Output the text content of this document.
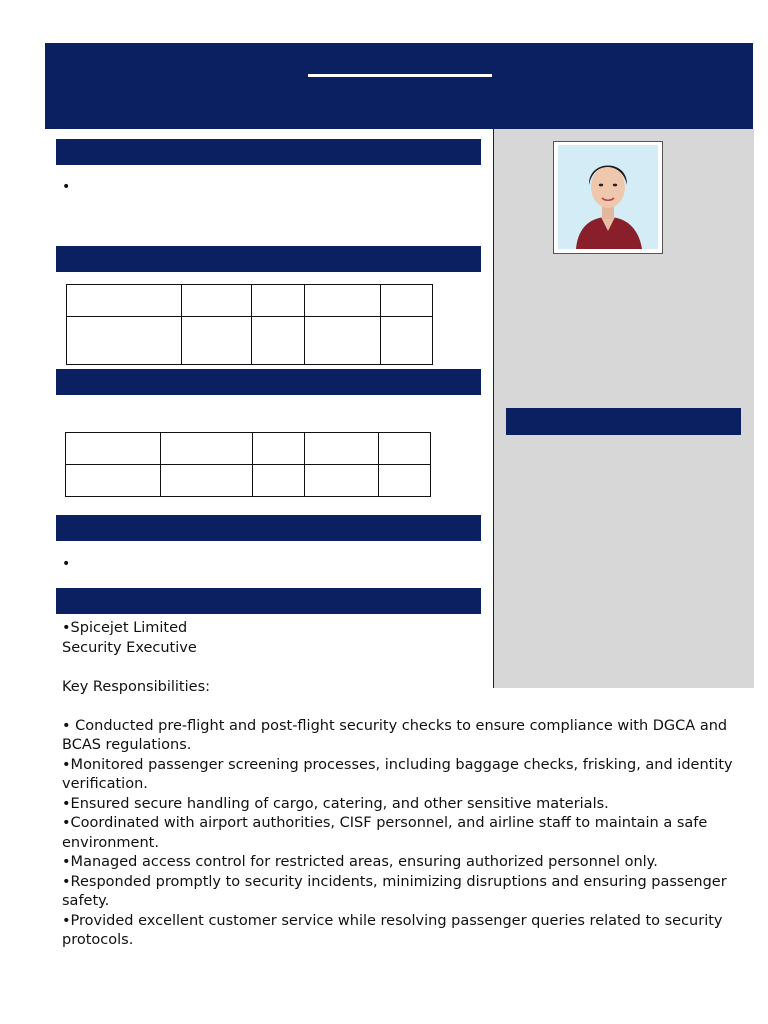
•

•

•Spicejet Limited

Security Executive

Key Responsibilities:

• Conducted pre-flight and post-flight security checks to ensure compliance with DGCA and BCAS regulations.

•Monitored passenger screening processes, including baggage checks, frisking, and identity verification.

•Ensured secure handling of cargo, catering, and other sensitive materials.

•Coordinated with airport authorities, CISF personnel, and airline staff to maintain a safe environment.

•Managed access control for restricted areas, ensuring authorized personnel only.

•Responded promptly to security incidents, minimizing disruptions and ensuring passenger safety.

•Provided excellent customer service while resolving passenger queries related to security protocols.
